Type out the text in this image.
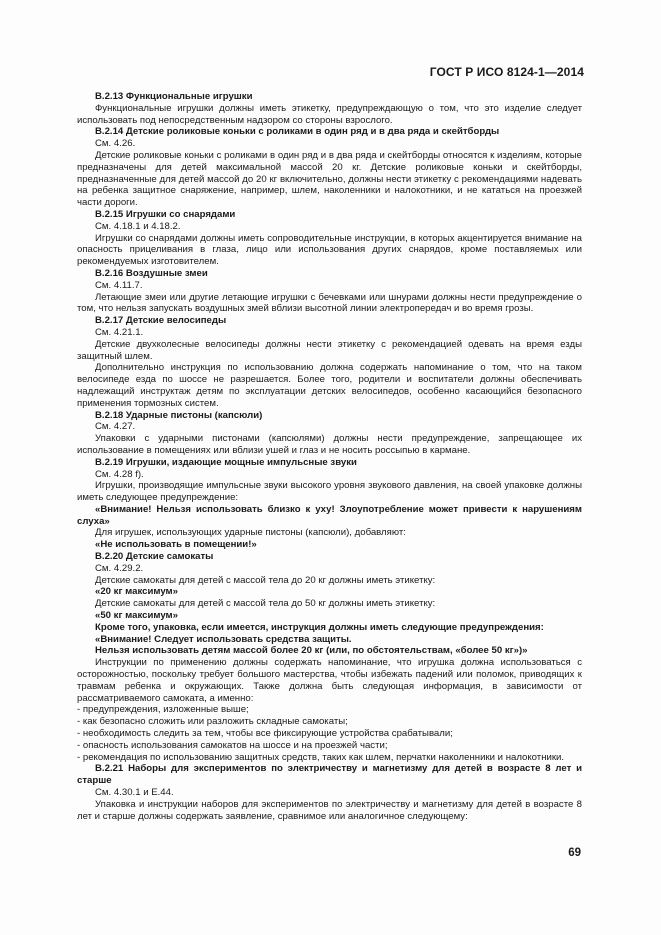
ГОСТ Р ИСО 8124-1—2014

В.2.13 Функциональные игрушки

Функциональные игрушки должны иметь этикетку, предупреждающую о том, что это изделие следует использовать под непосредственным надзором со стороны взрослого.

В.2.14 Детские роликовые коньки с роликами в один ряд и в два ряда и скейтборды

См. 4.26.

Детские роликовые коньки с роликами в один ряд и в два ряда и скейтборды относятся к изделиям, которые предназначены для детей максимальной массой 20 кг. Детские роликовые коньки и скейтборды, предназначенные для детей массой до 20 кг включительно, должны нести этикетку с рекомендациями надевать на ребенка защитное снаряжение, например, шлем, наколенники и налокотники, и не кататься на проезжей части дороги.

В.2.15 Игрушки со снарядами

См. 4.18.1 и 4.18.2.

Игрушки со снарядами должны иметь сопроводительные инструкции, в которых акцентируется внимание на опасность прицеливания в глаза, лицо или использования других снарядов, кроме поставляемых или рекомендуемых изготовителем.

В.2.16 Воздушные змеи

См. 4.11.7.

Летающие змеи или другие летающие игрушки с бечевками или шнурами должны нести предупреждение о том, что нельзя запускать воздушных змей вблизи высотной линии электропередач и во время грозы.

В.2.17 Детские велосипеды

См. 4.21.1.

Детские двухколесные велосипеды должны нести этикетку с рекомендацией одевать на время езды защитный шлем.

Дополнительно инструкция по использованию должна содержать напоминание о том, что на таком велосипеде езда по шоссе не разрешается. Более того, родители и воспитатели должны обеспечивать надлежащий инструктаж детям по эксплуатации детских велосипедов, особенно касающийся безопасного применения тормозных систем.

В.2.18 Ударные пистоны (капсюли)

См. 4.27.

Упаковки с ударными пистонами (капсюлями) должны нести предупреждение, запрещающее их использование в помещениях или вблизи ушей и глаз и не носить россыпью в кармане.

В.2.19 Игрушки, издающие мощные импульсные звуки

См. 4.28 f).

Игрушки, производящие импульсные звуки высокого уровня звукового давления, на своей упаковке должны иметь следующее предупреждение:

«Внимание! Нельзя использовать близко к уху! Злоупотребление может привести к нарушениям слуха»

Для игрушек, использующих ударные пистоны (капсюли), добавляют:

«Не использовать в помещении!»

В.2.20 Детские самокаты

См. 4.29.2.

Детские самокаты для детей с массой тела до 20 кг должны иметь этикетку:

«20 кг максимум»

Детские самокаты для детей с массой тела до 50 кг должны иметь этикетку:

«50 кг максимум»

Кроме того, упаковка, если имеется, инструкция должны иметь следующие предупреждения:

«Внимание! Следует использовать средства защиты.

Нельзя использовать детям массой более 20 кг (или, по обстоятельствам, «более 50 кг»)»

Инструкции по применению должны содержать напоминание, что игрушка должна использоваться с осторожностью, поскольку требует большого мастерства, чтобы избежать падений или поломок, приводящих к травмам ребенка и окружающих. Также должна быть следующая информация, в зависимости от рассматриваемого самоката, а именно:

- предупреждения, изложенные выше;

- как безопасно сложить или разложить складные самокаты;

- необходимость следить за тем, чтобы все фиксирующие устройства срабатывали;

- опасность использования самокатов на шоссе и на проезжей части;

- рекомендация по использованию защитных средств, таких как шлем, перчатки наколенники и налокотники.

В.2.21 Наборы для экспериментов по электричеству и магнетизму для детей в возрасте 8 лет и старше

См. 4.30.1 и Е.44.

Упаковка и инструкции наборов для экспериментов по электричеству и магнетизму для детей в возрасте 8 лет и старше должны содержать заявление, сравнимое или аналогичное следующему:

69
